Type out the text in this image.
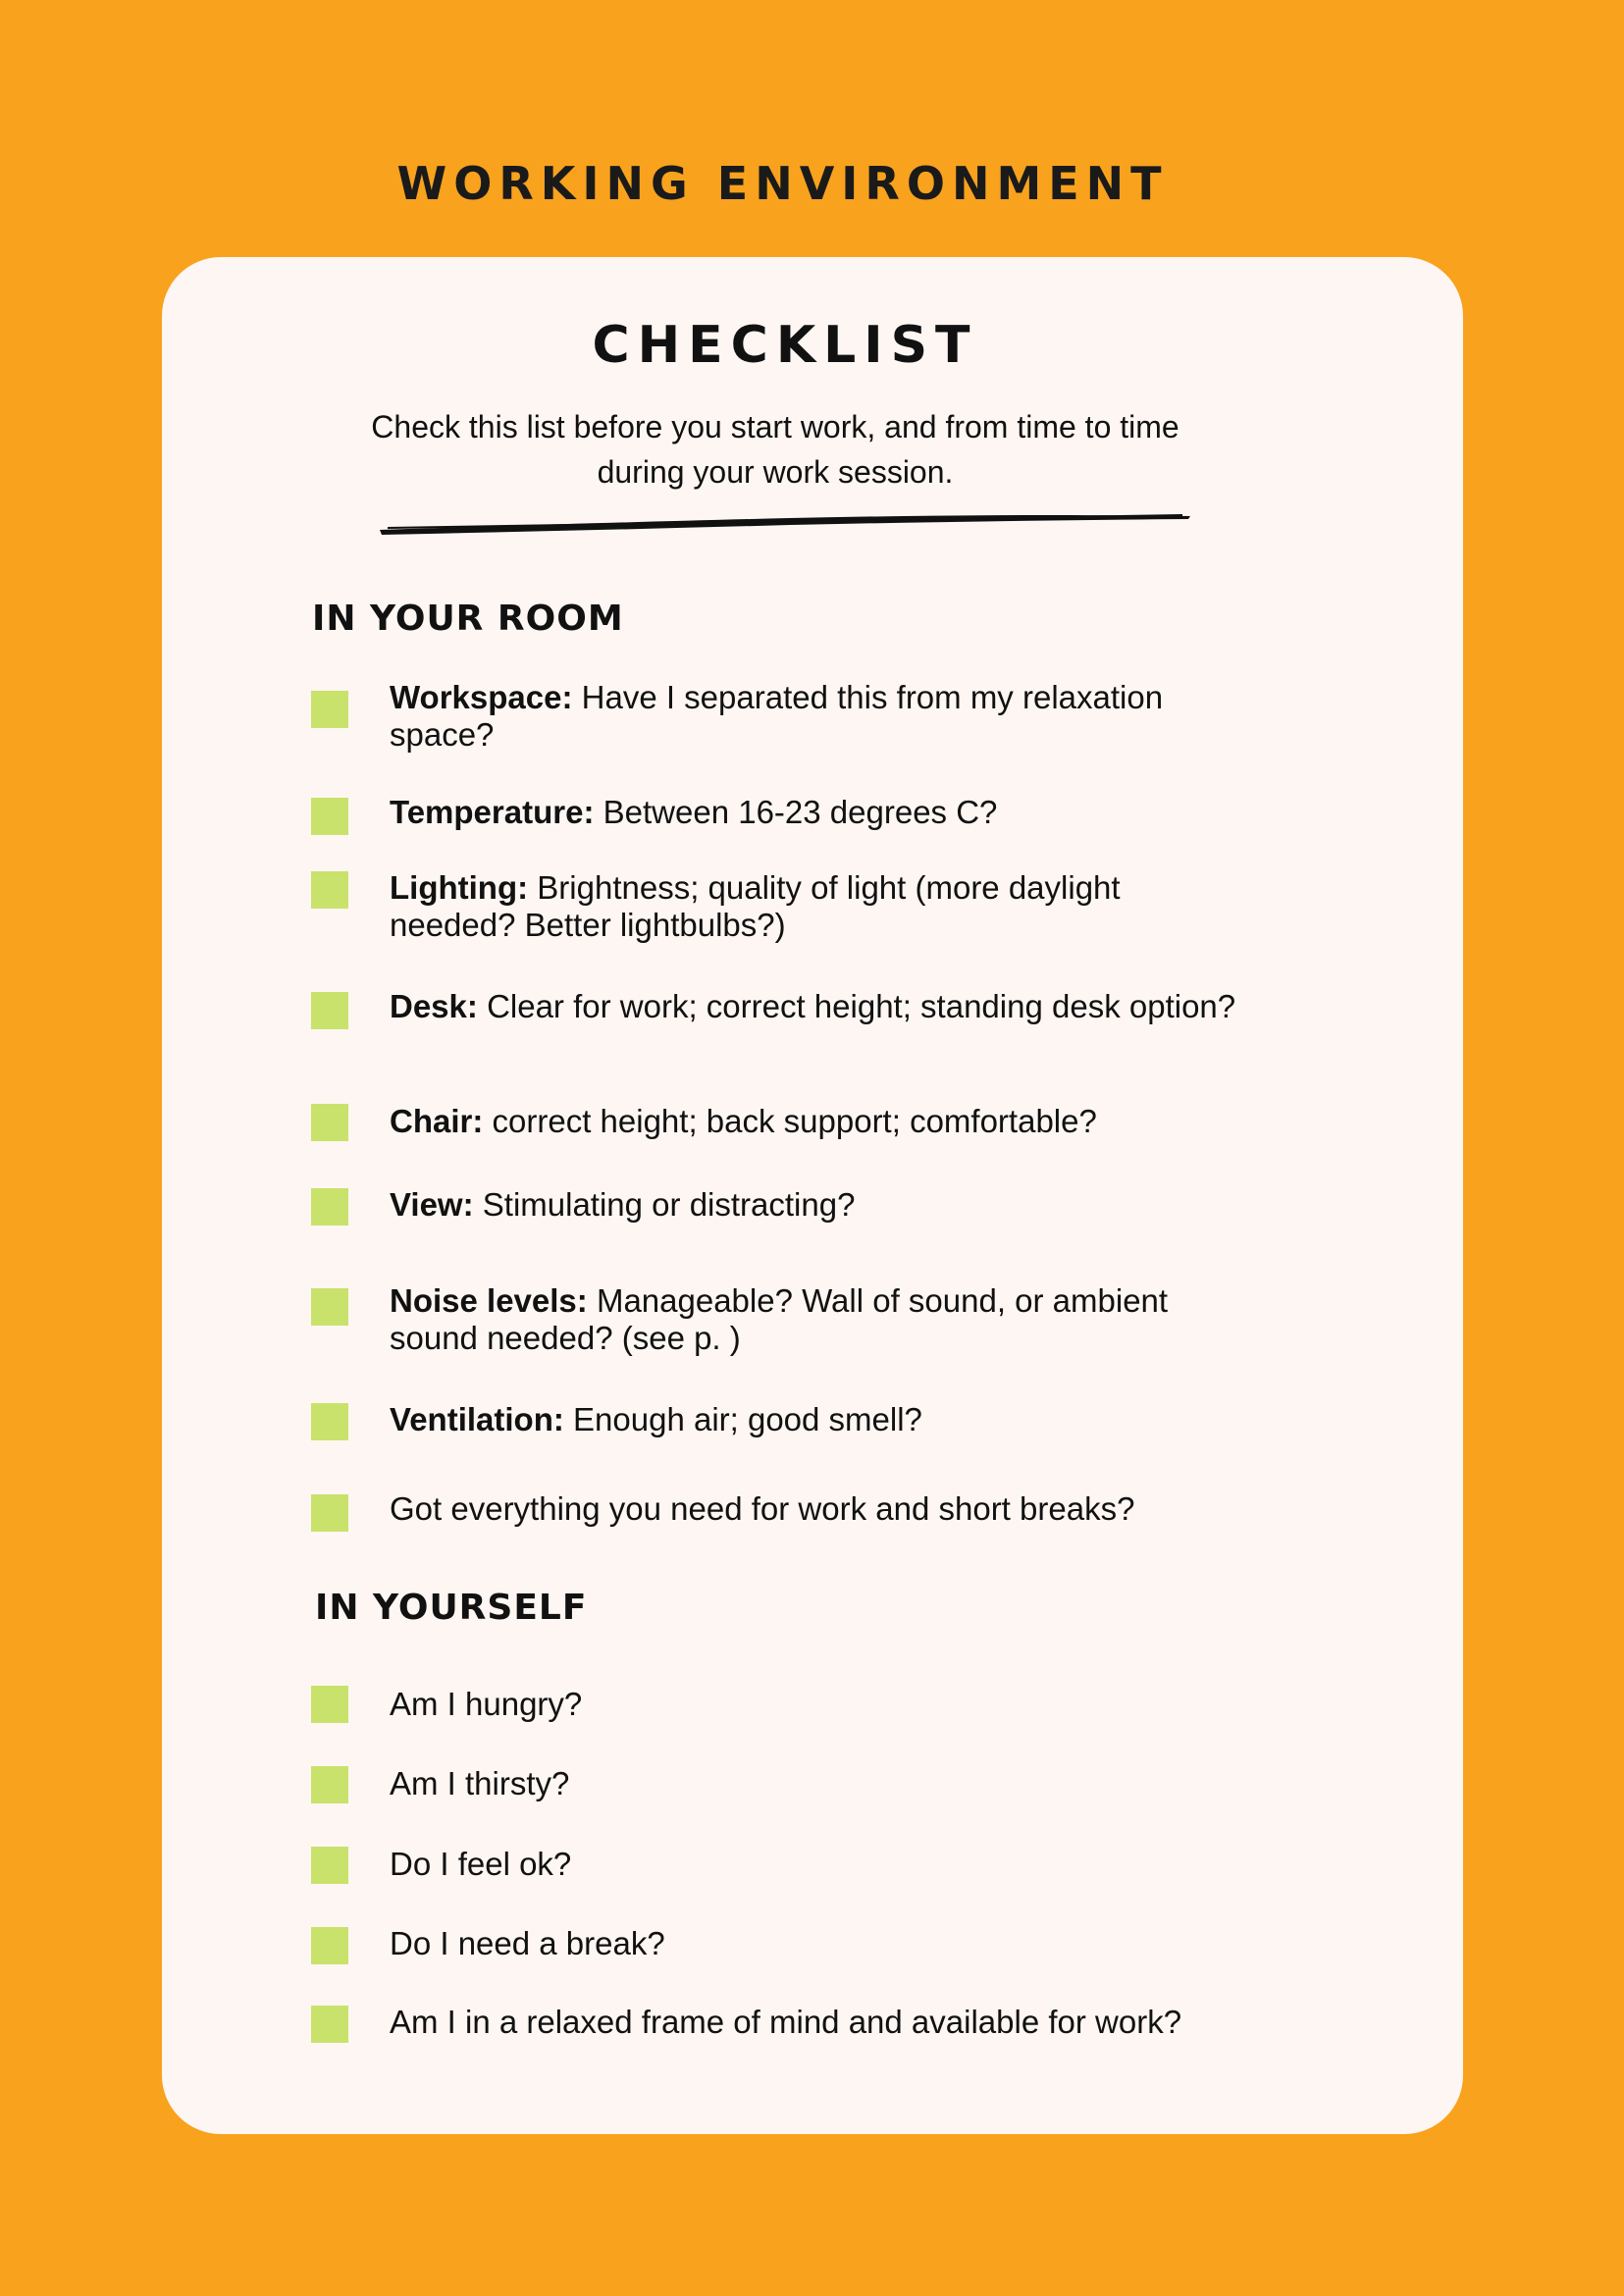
WORKING ENVIRONMENT
CHECKLIST
Check this list before you start work, and from time to time during your work session.
IN YOUR ROOM
Workspace: Have I separated this from my relaxation space?
Temperature: Between 16-23 degrees C?
Lighting: Brightness; quality of light (more daylight needed? Better lightbulbs?)
Desk: Clear for work; correct height; standing desk option?
Chair: correct height; back support; comfortable?
View: Stimulating or distracting?
Noise levels: Manageable? Wall of sound, or ambient sound needed? (see p. )
Ventilation: Enough air; good smell?
Got everything you need for work and short breaks?
IN YOURSELF
Am I hungry?
Am I thirsty?
Do I feel ok?
Do I need a break?
Am I in a relaxed frame of mind and available for work?
